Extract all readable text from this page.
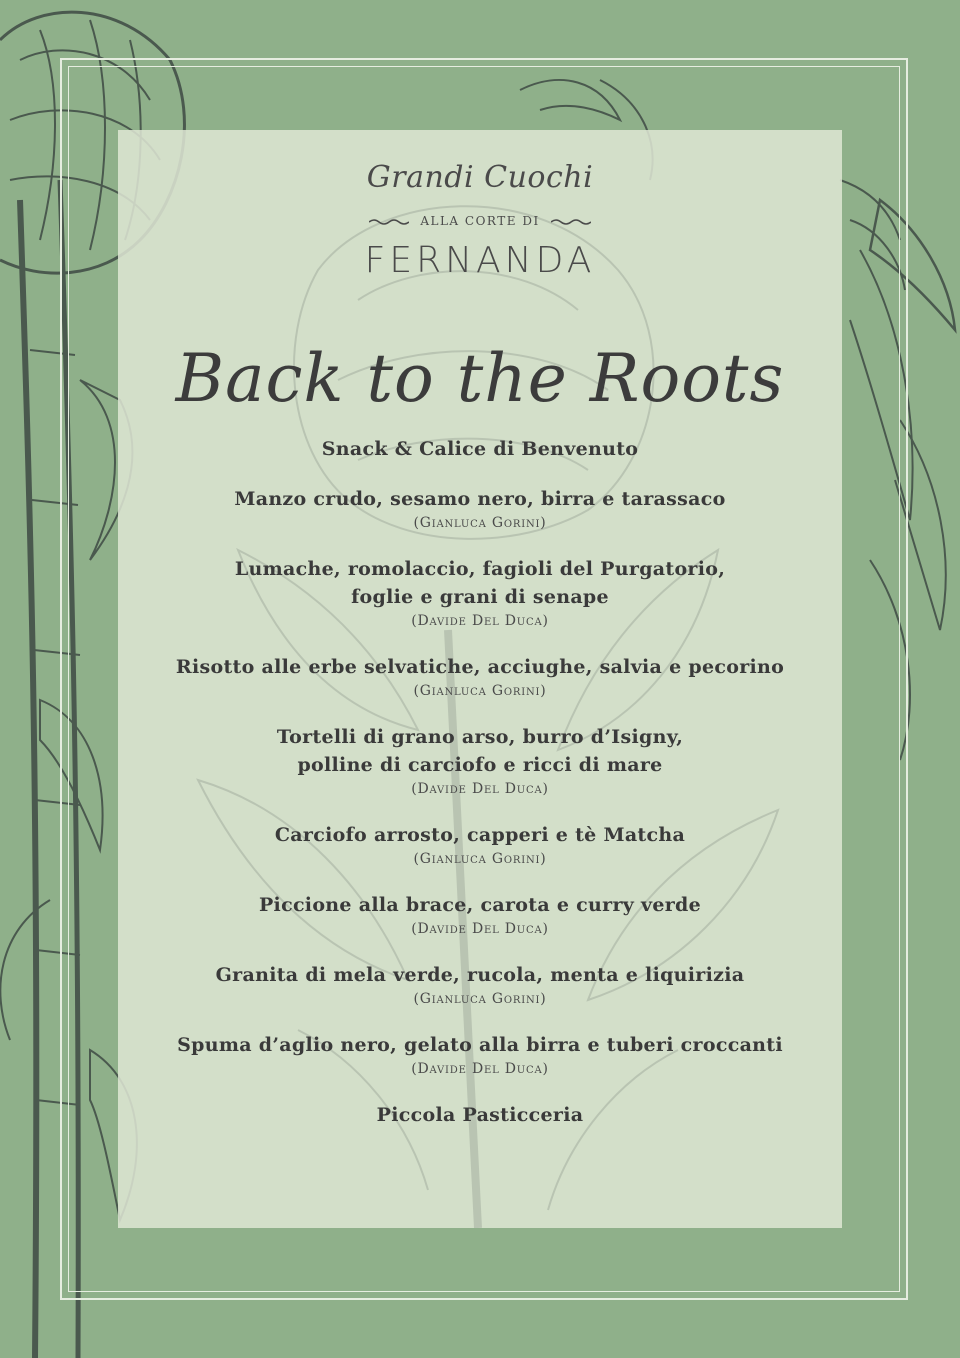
Grandi Cuochi
ALLA CORTE DI
FERNANDA
Back to the Roots
Snack & Calice di Benvenuto
Manzo crudo, sesamo nero, birra e tarassaco
(Gianluca Gorini)
Lumache, romolaccio, fagioli del Purgatorio,
foglie e grani di senape
(Davide Del Duca)
Risotto alle erbe selvatiche, acciughe, salvia e pecorino
(Gianluca Gorini)
Tortelli di grano arso, burro d’Isigny,
polline di carciofo e ricci di mare
(Davide Del Duca)
Carciofo arrosto, capperi e tè Matcha
(Gianluca Gorini)
Piccione alla brace, carota e curry verde
(Davide Del Duca)
Granita di mela verde, rucola, menta e liquirizia
(Gianluca Gorini)
Spuma d’aglio nero, gelato alla birra e tuberi croccanti
(Davide Del Duca)
Piccola Pasticceria
